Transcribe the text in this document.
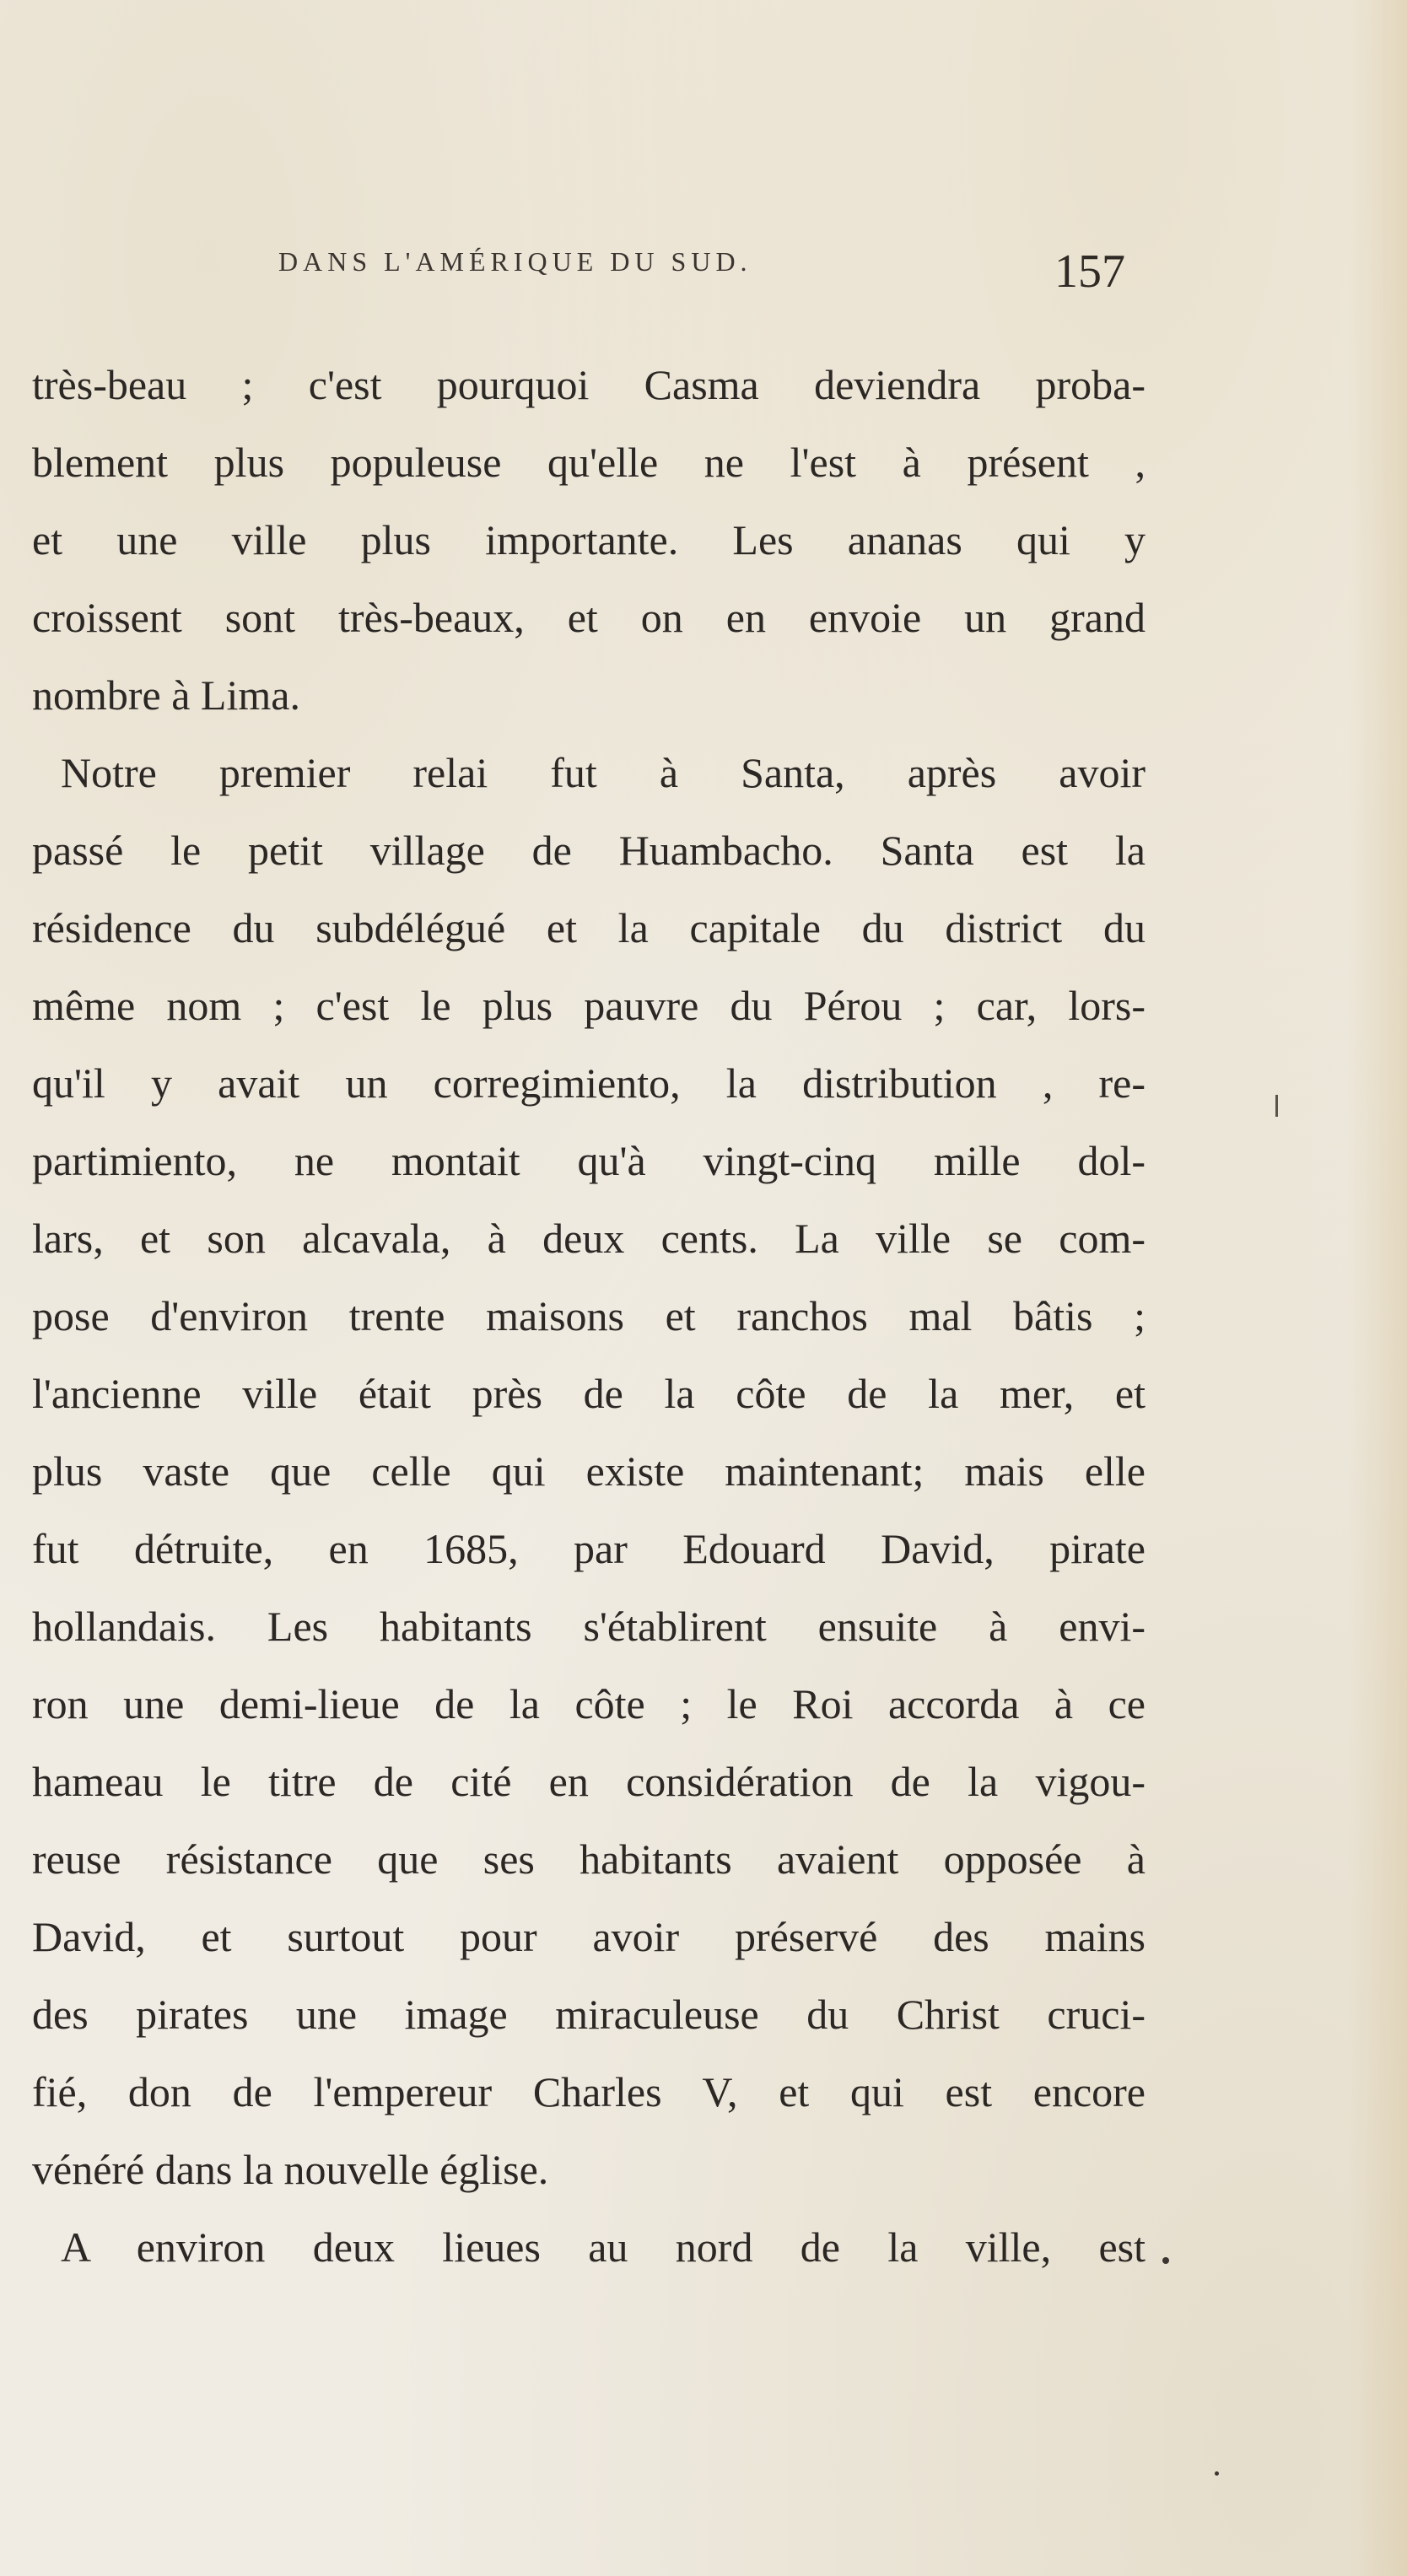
DANS L'AMÉRIQUE DU SUD.	157
très-beau ; c'est pourquoi Casma deviendra proba-
blement plus populeuse qu'elle ne l'est à présent ,
et une ville plus importante. Les ananas qui y
croissent sont très-beaux, et on en envoie un grand
nombre à Lima.
Notre premier relai fut à Santa, après avoir
passé le petit village de Huambacho. Santa est la
résidence du subdélégué et la capitale du district du
même nom ; c'est le plus pauvre du Pérou ; car, lors-
qu'il y avait un corregimiento, la distribution , re-
partimiento, ne montait qu'à vingt-cinq mille dol-
lars, et son alcavala, à deux cents. La ville se com-
pose d'environ trente maisons et ranchos mal bâtis ;
l'ancienne ville était près de la côte de la mer, et
plus vaste que celle qui existe maintenant; mais elle
fut détruite, en 1685, par Edouard David, pirate
hollandais. Les habitants s'établirent ensuite à envi-
ron une demi-lieue de la côte ; le Roi accorda à ce
hameau le titre de cité en considération de la vigou-
reuse résistance que ses habitants avaient opposée à
David, et surtout pour avoir préservé des mains
des pirates une image miraculeuse du Christ cruci-
fié, don de l'empereur Charles V, et qui est encore
vénéré dans la nouvelle église.
A environ deux lieues au nord de la ville, est
